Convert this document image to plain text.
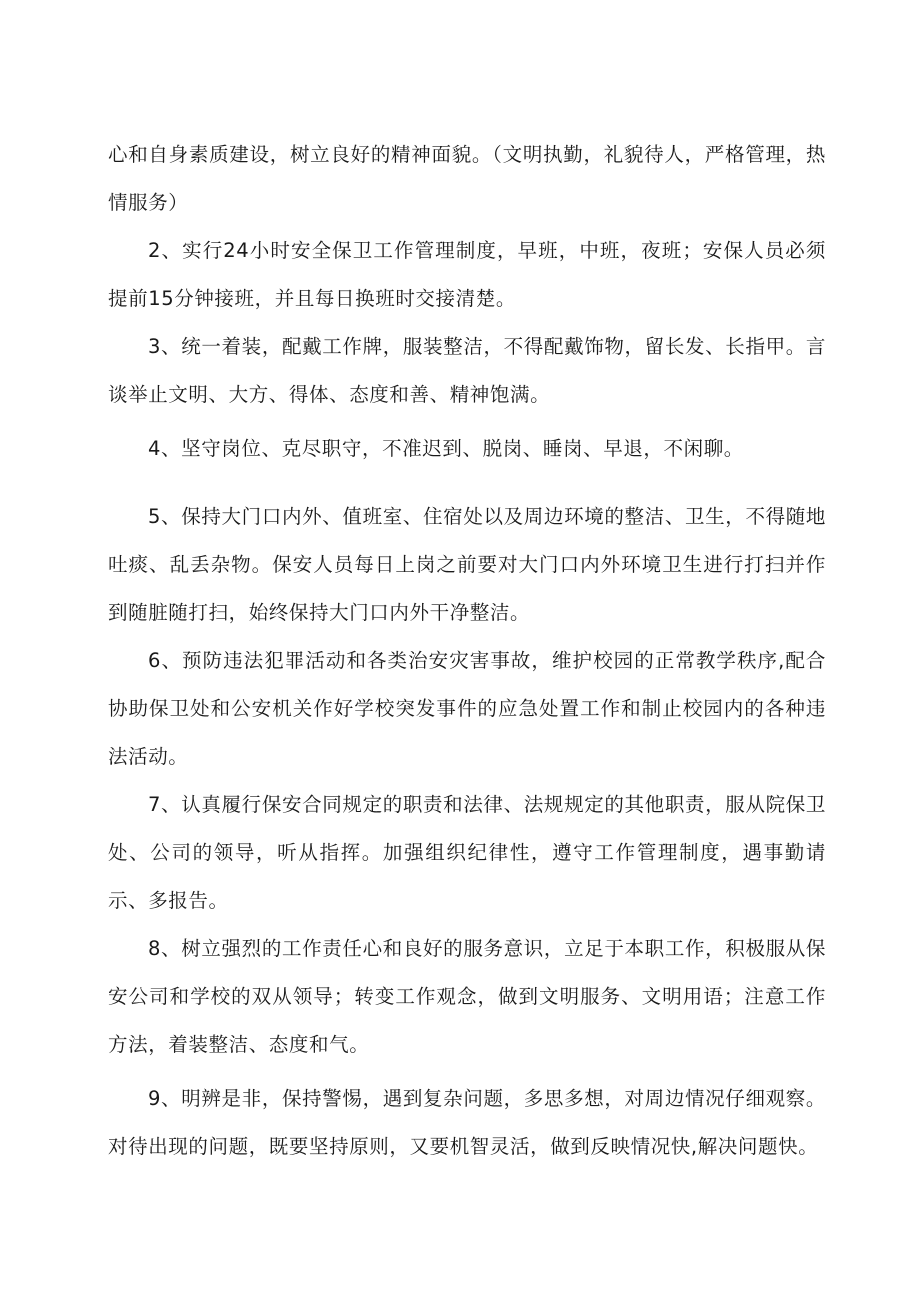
心和自身素质建设，树立良好的精神面貌。（文明执勤，礼貌待人，严格管理，热情服务）

2、实行24小时安全保卫工作管理制度，早班，中班，夜班；安保人员必须提前15分钟接班，并且每日换班时交接清楚。

3、统一着装，配戴工作牌，服装整洁，不得配戴饰物，留长发、长指甲。言谈举止文明、大方、得体、态度和善、精神饱满。

4、坚守岗位、克尽职守，不准迟到、脱岗、睡岗、早退，不闲聊。

5、保持大门口内外、值班室、住宿处以及周边环境的整洁、卫生，不得随地吐痰、乱丢杂物。保安人员每日上岗之前要对大门口内外环境卫生进行打扫并作到随脏随打扫，始终保持大门口内外干净整洁。

6、预防违法犯罪活动和各类治安灾害事故，维护校园的正常教学秩序,配合协助保卫处和公安机关作好学校突发事件的应急处置工作和制止校园内的各种违法活动。

7、认真履行保安合同规定的职责和法律、法规规定的其他职责，服从院保卫处、公司的领导，听从指挥。加强组织纪律性，遵守工作管理制度，遇事勤请示、多报告。

8、树立强烈的工作责任心和良好的服务意识，立足于本职工作，积极服从保安公司和学校的双从领导；转变工作观念，做到文明服务、文明用语；注意工作方法，着装整洁、态度和气。

9、明辨是非，保持警惕，遇到复杂问题，多思多想，对周边情况仔细观察。对待出现的问题，既要坚持原则，又要机智灵活，做到反映情况快,解决问题快。
